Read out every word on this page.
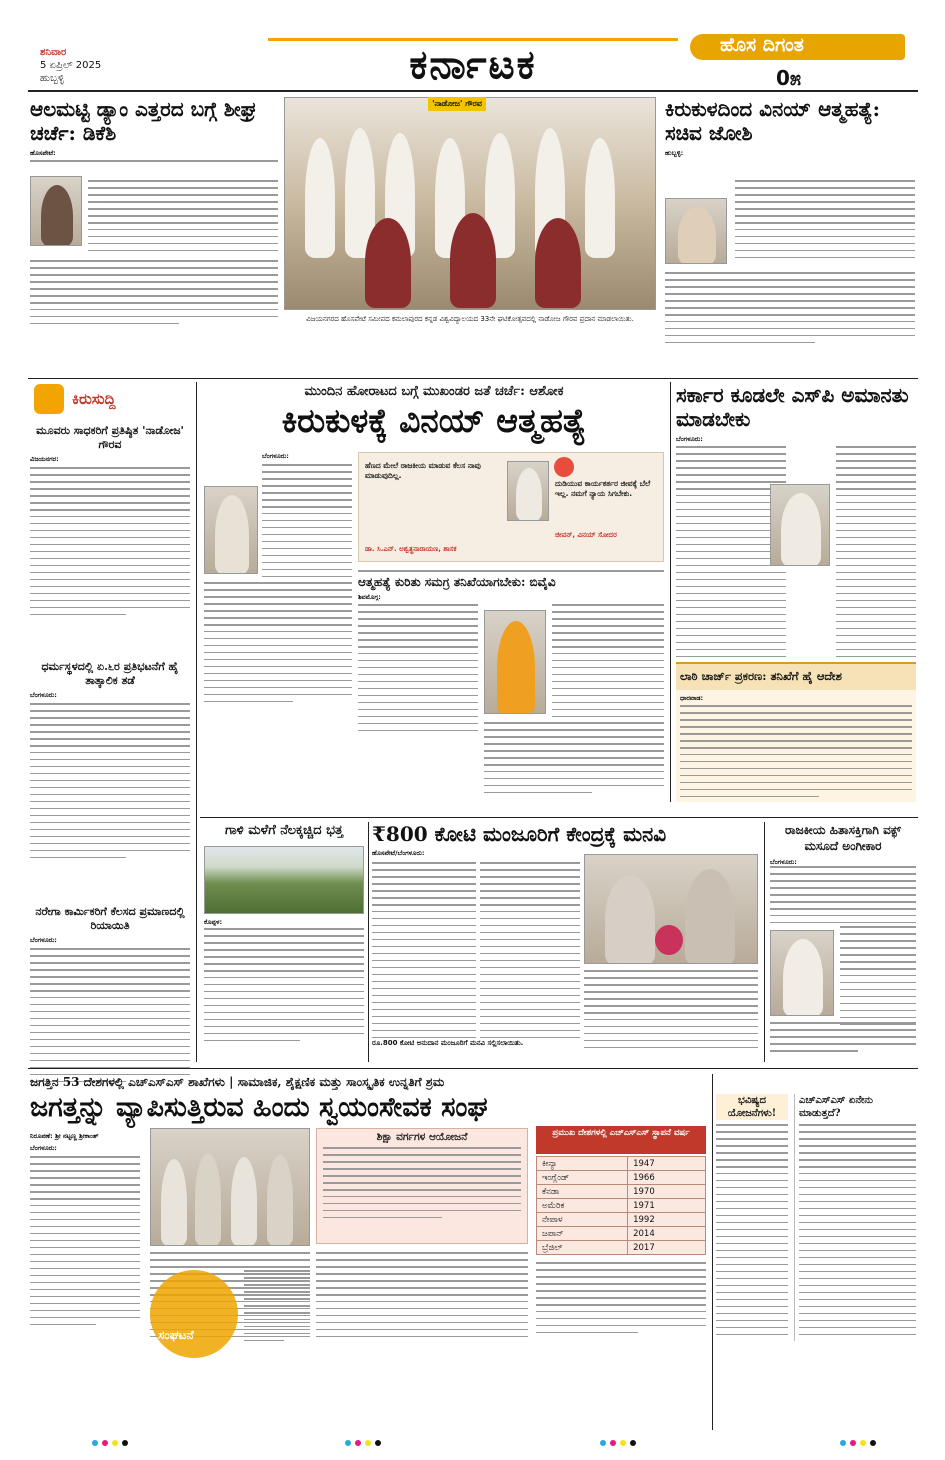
ಶನಿವಾರ
5 ಏಪ್ರಿಲ್ 2025
ಹುಬ್ಬಳ್ಳಿ	ಕರ್ನಾಟಕ	ಹೊಸ ದಿಗಂತ
0೫
ಆಲಮಟ್ಟಿ ಡ್ಯಾಂ ಎತ್ತರದ ಬಗ್ಗೆ ಶೀಘ್ರ ಚರ್ಚೆ: ಡಿಕೆಶಿ
ಹೊಸಪೇಟೆ:
'ನಾಡೋಜ' ಗೌರವ
ವಿಜಯನಗರದ ಹೊಸಪೇಟೆ ಸಮೀಪದ ಕಮಲಾಪುರದ ಕನ್ನಡ ವಿಶ್ವವಿದ್ಯಾಲಯದ 33ನೇ ಘಟಿಕೋತ್ಸವದಲ್ಲಿ ನಾಡೋಜ ಗೌರವ ಪ್ರದಾನ ಮಾಡಲಾಯಿತು.
ಕಿರುಕುಳದಿಂದ ವಿನಯ್ ಆತ್ಮಹತ್ಯೆ: ಸಚಿವ ಜೋಶಿ
ಹುಬ್ಬಳ್ಳಿ:
ಕಿರುಸುದ್ದಿ
ಮೂವರು ಸಾಧಕರಿಗೆ ಪ್ರತಿಷ್ಠಿತ 'ನಾಡೋಜ' ಗೌರವ
ವಿಜಯನಗರ:
ಧರ್ಮಸ್ಥಳದಲ್ಲಿ ಏ.೬ರ ಪ್ರತಿಭಟನೆಗೆ ಹೈ ತಾತ್ಕಾಲಿಕ ತಡೆ
ಬೆಂಗಳೂರು:
ನರೇಗಾ ಕಾರ್ಮಿಕರಿಗೆ ಕೆಲಸದ ಪ್ರಮಾಣದಲ್ಲಿ ರಿಯಾಯಿತಿ
ಬೆಂಗಳೂರು:
ಮುಂದಿನ ಹೋರಾಟದ ಬಗ್ಗೆ ಮುಖಂಡರ ಜತೆ ಚರ್ಚೆ: ಆಶೋಕ
ಕಿರುಕುಳಕ್ಕೆ ವಿನಯ್ ಆತ್ಮಹತ್ಯೆ
ಬೆಂಗಳೂರು:
ಹೆಣದ ಮೇಲೆ ರಾಜಕೀಯ ಮಾಡುವ ಕೆಲಸ ನಾವು ಮಾಡುವುದಿಲ್ಲ.
ದುಡಿಯುವ ಕಾರ್ಯಕರ್ತರ ಜೀವಕ್ಕೆ ಬೆಲೆ ಇಲ್ಲ. ನಮಗೆ ನ್ಯಾಯ ಸಿಗಬೇಕು.
ಡಾ. ಸಿ.ಎನ್. ಅಶ್ವತ್ಥನಾರಾಯಣ, ಶಾಸಕ
ಜೀವನ್, ವಿನಯ್ ಸೋದರ
ಆತ್ಮಹತ್ಯೆ ಕುರಿತು ಸಮಗ್ರ ತನಿಖೆಯಾಗಬೇಕು: ಬಿವೈವಿ
ಶಿವಮೊಗ್ಗ:
ಸರ್ಕಾರ ಕೂಡಲೇ ಎಸ್‌ಪಿ ಅಮಾನತು ಮಾಡಬೇಕು
ಬೆಂಗಳೂರು:
ಲಾಠಿ ಚಾರ್ಜ್ ಪ್ರಕರಣ: ತನಿಖೆಗೆ ಹೈ ಆದೇಶ
ಧಾರವಾಡ:
ಗಾಳಿ ಮಳೆಗೆ ನೆಲಕ್ಕಚ್ಚಿದ ಭತ್ತ
ಕೊಪ್ಪಳ:
₹800 ಕೋಟಿ ಮಂಜೂರಿಗೆ ಕೇಂದ್ರಕ್ಕೆ ಮನವಿ
ಹೊಸಪೇಟೆ/ಬೆಂಗಳೂರು:
ರೂ.800 ಕೋಟಿ ಅನುದಾನ ಮಂಜೂರಿಗೆ ಮನವಿ ಸಲ್ಲಿಸಲಾಯಿತು.
ರಾಜಕೀಯ ಹಿತಾಸಕ್ತಿಗಾಗಿ ವಕ್ಫ್ ಮಸೂದೆ ಅಂಗೀಕಾರ
ಬೆಂಗಳೂರು:
ಜಗತ್ತಿನ 53 ದೇಶಗಳಲ್ಲಿ ಎಚ್‌ಎಸ್‌ಎಸ್ ಶಾಖೆಗಳು | ಸಾಮಾಜಿಕ, ಶೈಕ್ಷಣಿಕ ಮತ್ತು ಸಾಂಸ್ಕೃತಿಕ ಉನ್ನತಿಗೆ ಶ್ರಮ
ಜಗತ್ತನ್ನು ವ್ಯಾಪಿಸುತ್ತಿರುವ ಹಿಂದು ಸ್ವಯಂಸೇವಕ ಸಂಘ
ನಿರೂಪಣೆ: ಶ್ರೀ ನಟ್ಟಣ್ಣ ಶ್ರೀಕಾಂತ್
ಬೆಂಗಳೂರು:
ಸಂಘಟನೆ
ಶಿಕ್ಷಾ ವರ್ಗಗಳ ಆಯೋಜನೆ	ಪ್ರಮುಖ ದೇಶಗಳಲ್ಲಿ ಎಚ್‌ಎಸ್‌ಎಸ್ ಸ್ಥಾಪನೆ ವರ್ಷ
ಕೀನ್ಯಾ	1947
ಇಂಗ್ಲೆಂಡ್	1966
ಕೆನಡಾ	1970
ಅಮೆರಿಕ	1971
ನೇಪಾಳ	1992
ಜಪಾನ್	2014
ಬ್ರೆಜಿಲ್	2017
ಭವಿಷ್ಯದ ಯೋಜನೆಗಳು!
ಎಚ್‌ಎಸ್‌ಎಸ್ ಏನೇನು ಮಾಡುತ್ತದೆ?
